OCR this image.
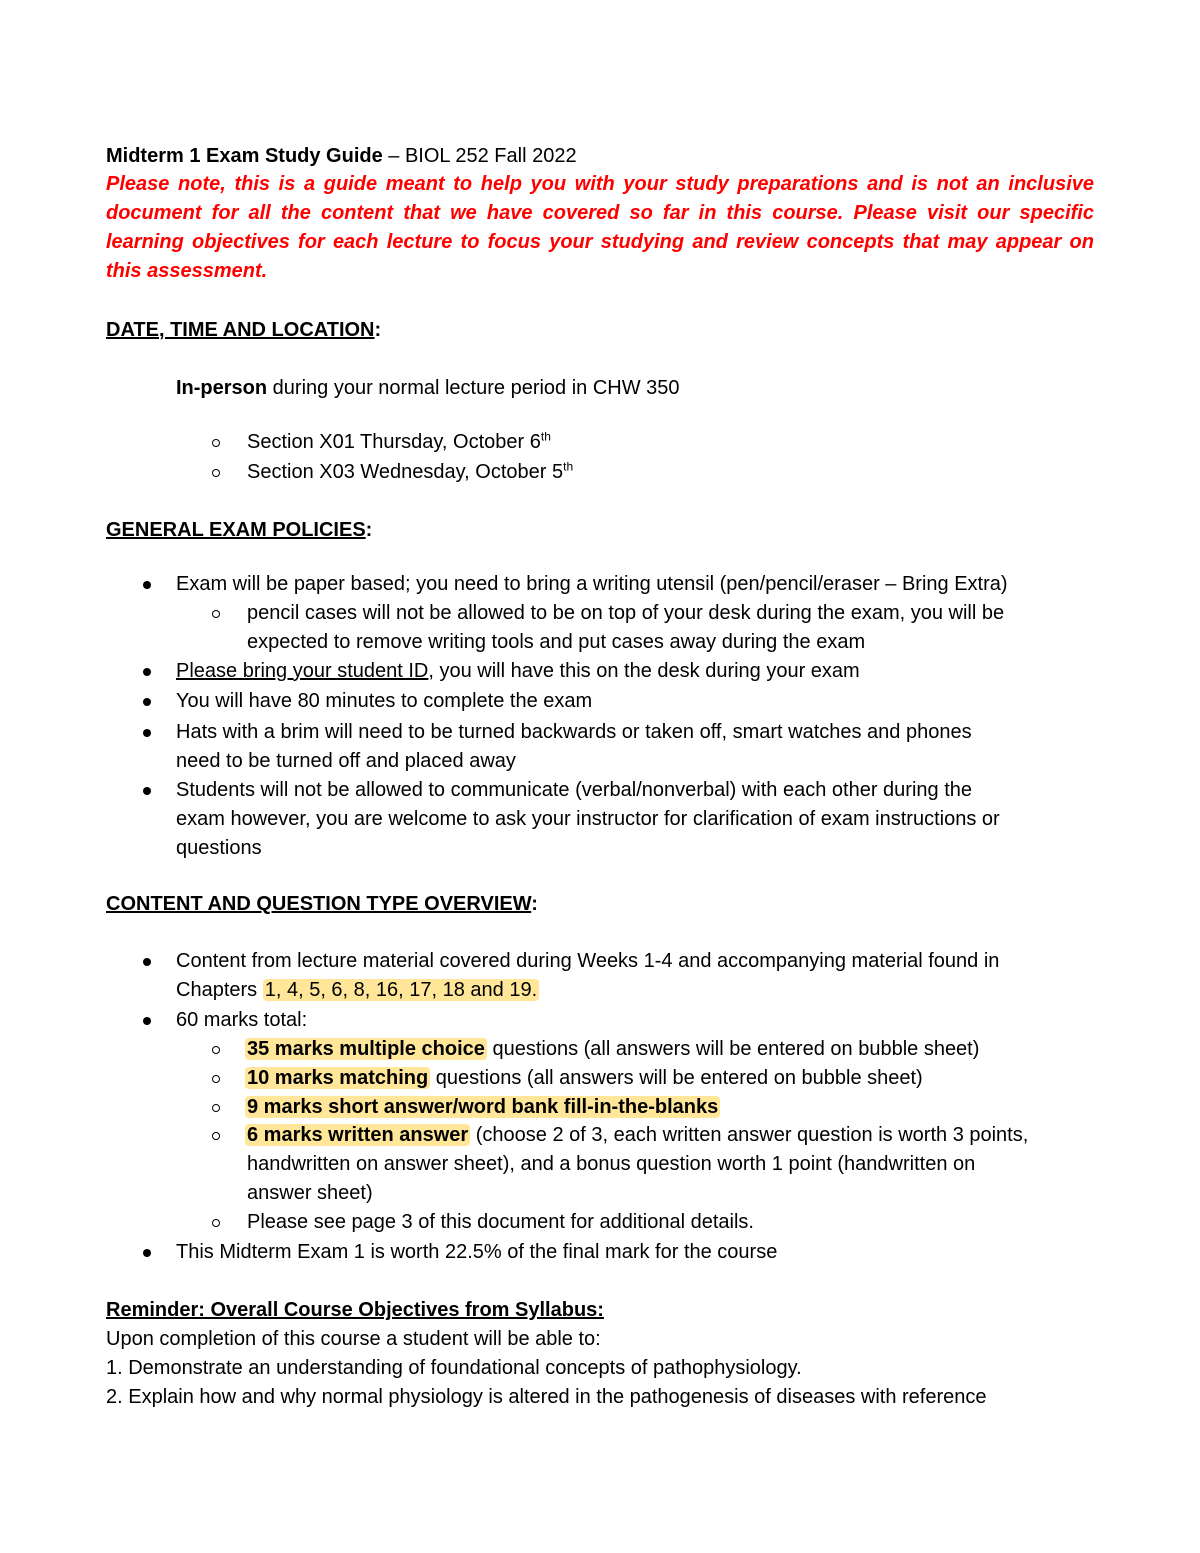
Midterm 1 Exam Study Guide – BIOL 252 Fall 2022
Please note, this is a guide meant to help you with your study preparations and is not an inclusive document for all the content that we have covered so far in this course. Please visit our specific learning objectives for each lecture to focus your studying and review concepts that may appear on this assessment.
DATE, TIME AND LOCATION:
In-person during your normal lecture period in CHW 350
Section X01 Thursday, October 6th
Section X03 Wednesday, October 5th
GENERAL EXAM POLICIES:
Exam will be paper based; you need to bring a writing utensil (pen/pencil/eraser – Bring Extra)
pencil cases will not be allowed to be on top of your desk during the exam, you will be
expected to remove writing tools and put cases away during the exam
Please bring your student ID, you will have this on the desk during your exam
You will have 80 minutes to complete the exam
Hats with a brim will need to be turned backwards or taken off, smart watches and phones
need to be turned off and placed away
Students will not be allowed to communicate (verbal/nonverbal) with each other during the
exam however, you are welcome to ask your instructor for clarification of exam instructions or
questions
CONTENT AND QUESTION TYPE OVERVIEW:
Content from lecture material covered during Weeks 1-4 and accompanying material found in
Chapters 1, 4, 5, 6, 8, 16, 17, 18 and 19.
60 marks total:
35 marks multiple choice questions (all answers will be entered on bubble sheet)
10 marks matching questions (all answers will be entered on bubble sheet)
9 marks short answer/word bank fill-in-the-blanks
6 marks written answer (choose 2 of 3, each written answer question is worth 3 points,
handwritten on answer sheet), and a bonus question worth 1 point (handwritten on
answer sheet)
Please see page 3 of this document for additional details.
This Midterm Exam 1 is worth 22.5% of the final mark for the course
Reminder: Overall Course Objectives from Syllabus:
Upon completion of this course a student will be able to:
1. Demonstrate an understanding of foundational concepts of pathophysiology.
2. Explain how and why normal physiology is altered in the pathogenesis of diseases with reference
